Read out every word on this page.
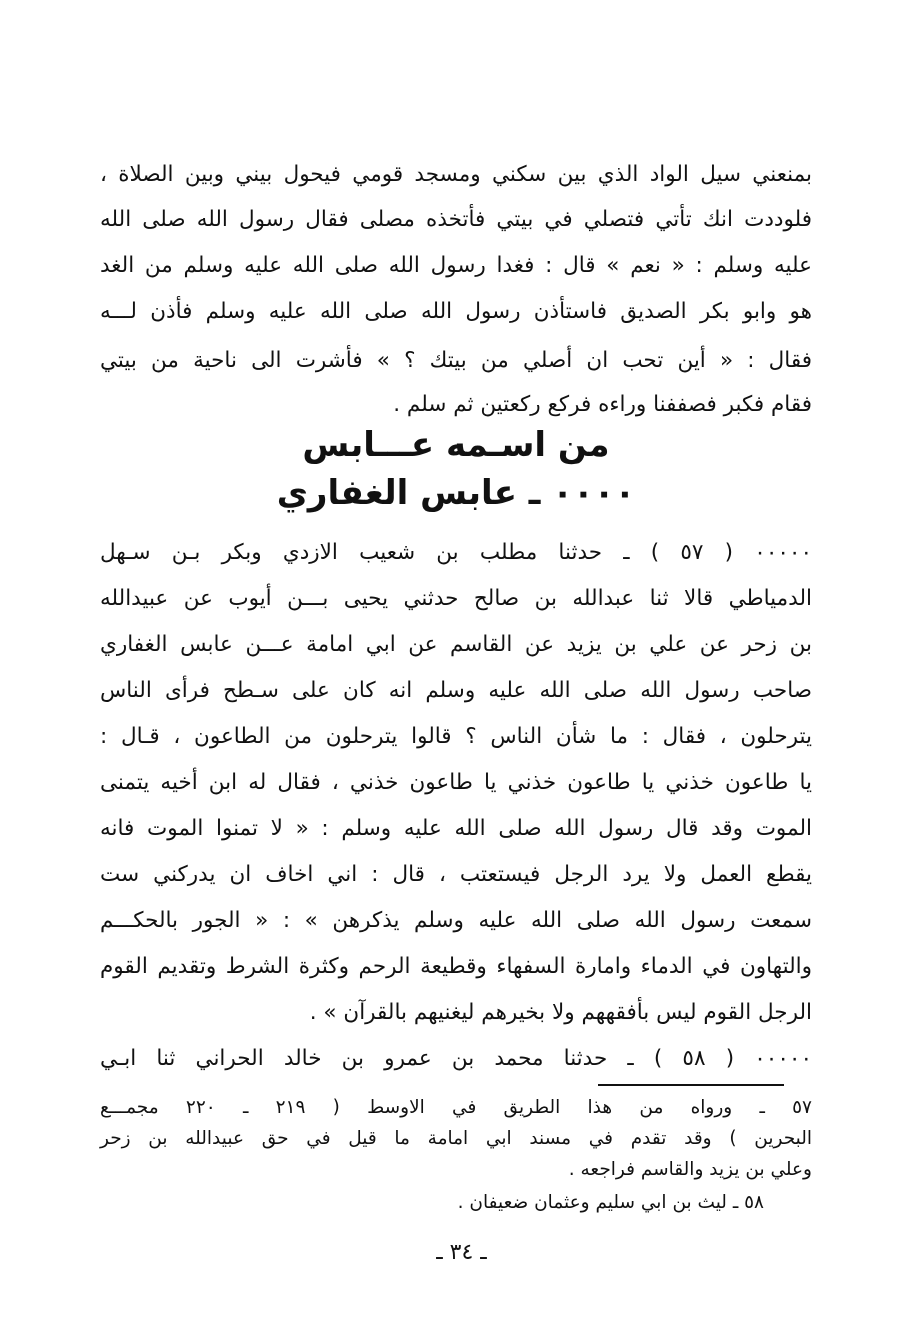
بمنعني سيل الواد الذي بين سكني ومسجد قومي فيحول بيني وبين الصلاة ،
فلوددت انك تأتي فتصلي في بيتي فأتخذه مصلى فقال رسول الله صلى الله
عليه وسلم : « نعم » قال : فغدا رسول الله صلى الله عليه وسلم من الغد
هو وابو بكر الصديق فاستأذن رسول الله صلى الله عليه وسلم فأذن لـــه
فقال : « أين تحب ان أصلي من بيتك ؟ » فأشرت الى ناحية من بيتي
فقام فكبر فصففنا وراءه فركع ركعتين ثم سلم .
من اسـمه عـــابس
٠٠٠٠ ـ عابس الغفاري
٠٠٠٠٠ ( ٥٧ ) ـ حدثنا مطلب بن شعيب الازدي وبكر بـن سـهل
الدمياطي قالا ثنا عبدالله بن صالح حدثني يحيى بـــن أيوب عن عبيدالله
بن زحر عن علي بن يزيد عن القاسم عن ابي امامة عـــن عابس الغفاري
صاحب رسول الله صلى الله عليه وسلم انه كان على سـطح فرأى الناس
يترحلون ، فقال : ما شأن الناس ؟ قالوا يترحلون من الطاعون ، قـال :
يا طاعون خذني يا طاعون خذني يا طاعون خذني ، فقال له ابن أخيه يتمنى
الموت وقد قال رسول الله صلى الله عليه وسلم : « لا تمنوا الموت فانه
يقطع العمل ولا يرد الرجل فيستعتب ، قال : اني اخاف ان يدركني ست
سمعت رسول الله صلى الله عليه وسلم يذكرهن » : « الجور بالحكـــم
والتهاون في الدماء وامارة السفهاء وقطيعة الرحم وكثرة الشرط وتقديم القوم
الرجل القوم ليس بأفقههم ولا بخيرهم ليغنيهم بالقرآن » .
٠٠٠٠٠ ( ٥٨ ) ـ حدثنا محمد بن عمرو بن خالد الحراني ثنا ابـي
٥٧ ـ ورواه من هذا الطريق في الاوسط ( ٢١٩ ـ ٢٢٠ مجمـــع
البحرين ) وقد تقدم في مسند ابي امامة ما قيل في حق عبيدالله بن زحر
وعلي بن يزيد والقاسم فراجعه .
٥٨ ـ ليث بن ابي سليم وعثمان ضعيفان .
ـ ٣٤ ـ
